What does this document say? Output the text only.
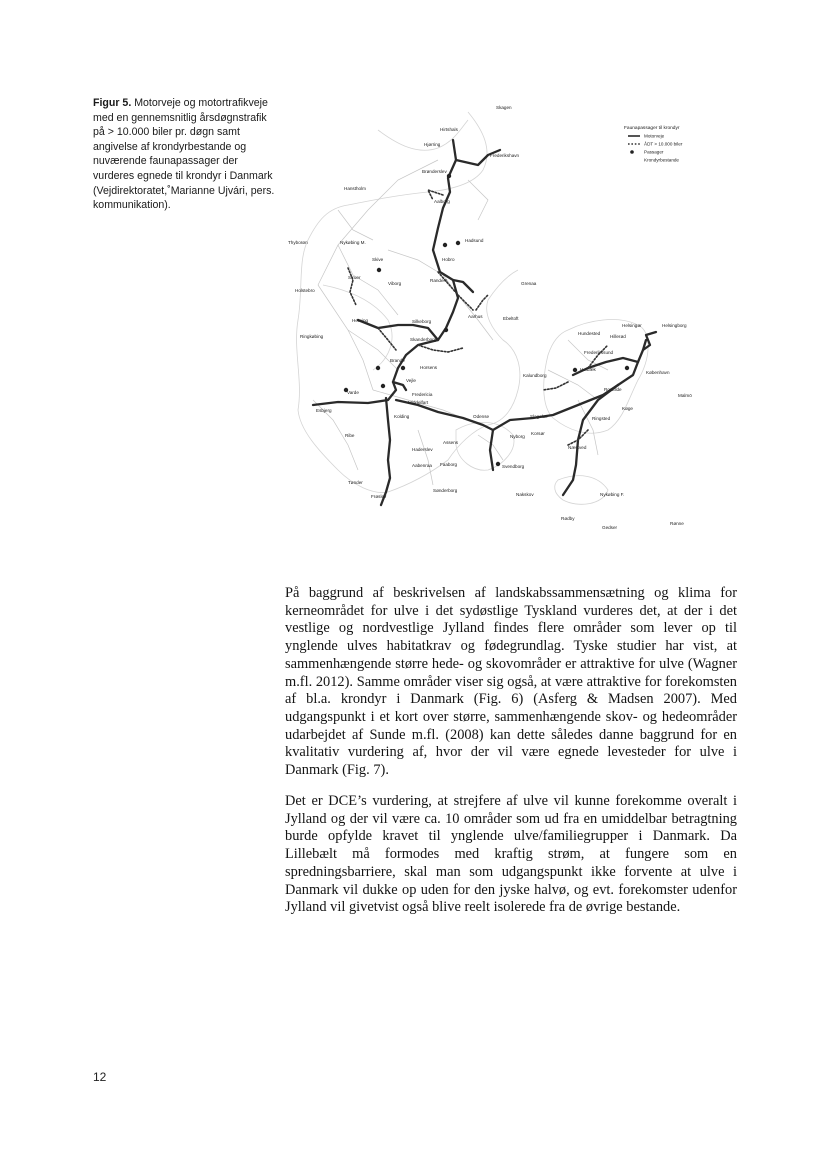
Figur 5. Motorveje og motortrafikveje med en gennemsnitlig årsdøgnstrafik på > 10.000 biler pr. døgn samt angivelse af krondyrbestande og nuværende faunapassager der vurderes egnede til krondyr i Danmark (Vejdirektoratet,˚Marianne Ujvári, pers. kommunikation).
Faunapassager til krondyr
Motorveje
ÅDT > 10.000 biler
Passager
Krondyrbestande
Skagen
Hirtshals
Hjørring
Frederikshavn
Brønderslev
Hanstholm
Aalborg
Thyborøn	Nykøbing M.	Hadsund
Skive	Hobro
Struer
Holstebro
Viborg
Randers
Grenaa
Herning	Silkeborg
Aarhus	Ebeltoft
Ringkøbing
Skanderborg
Horsens
Brande
Vejle
Varde	Fredericia
Middelfart
Esbjerg
Kolding
Ribe
Odense	Slagelse
Nyborg
Korsør
Haderslev
Assens
Aabenraa Faaborg	Svendborg
Tønder
Sønderborg
Frøslev	Nakskov	Nykøbing F.
Rødby
Gedser
Rønne
Helsingør	Helsingborg
Hundested
Hillerød
Frederikssund
Holbæk
Kalundborg
København
Roskilde
Malmö
Køge
Ringsted
Næstved

På baggrund af beskrivelsen af landskabssammensætning og klima for kerneområdet for ulve i det sydøstlige Tyskland vurderes det, at der i det vestlige og nordvestlige Jylland findes flere områder som lever op til ynglende ulves habitatkrav og fødegrundlag. Tyske studier har vist, at sammenhængende større hede- og skovområder er attraktive for ulve (Wagner m.fl. 2012). Samme områder viser sig også, at være attraktive for forekomsten af bl.a. krondyr i Danmark (Fig. 6) (Asferg & Madsen 2007). Med udgangspunkt i et kort over større, sammenhængende skov- og hedeområder udarbejdet af Sunde m.fl. (2008) kan dette således danne baggrund for en kvalitativ vurdering af, hvor der vil være egnede levesteder for ulve i Danmark (Fig. 7).

Det er DCE’s vurdering, at strejfere af ulve vil kunne forekomme overalt i Jylland og der vil være ca. 10 områder som ud fra en umiddelbar betragtning burde opfylde kravet til ynglende ulve/familiegrupper i Danmark. Da Lillebælt må formodes med kraftig strøm, at fungere som en spredningsbarriere, skal man som udgangspunkt ikke forvente at ulve i Danmark vil dukke op uden for den jyske halvø, og evt. forekomster udenfor Jylland vil givetvist også blive reelt isolerede fra de øvrige bestande.

12
